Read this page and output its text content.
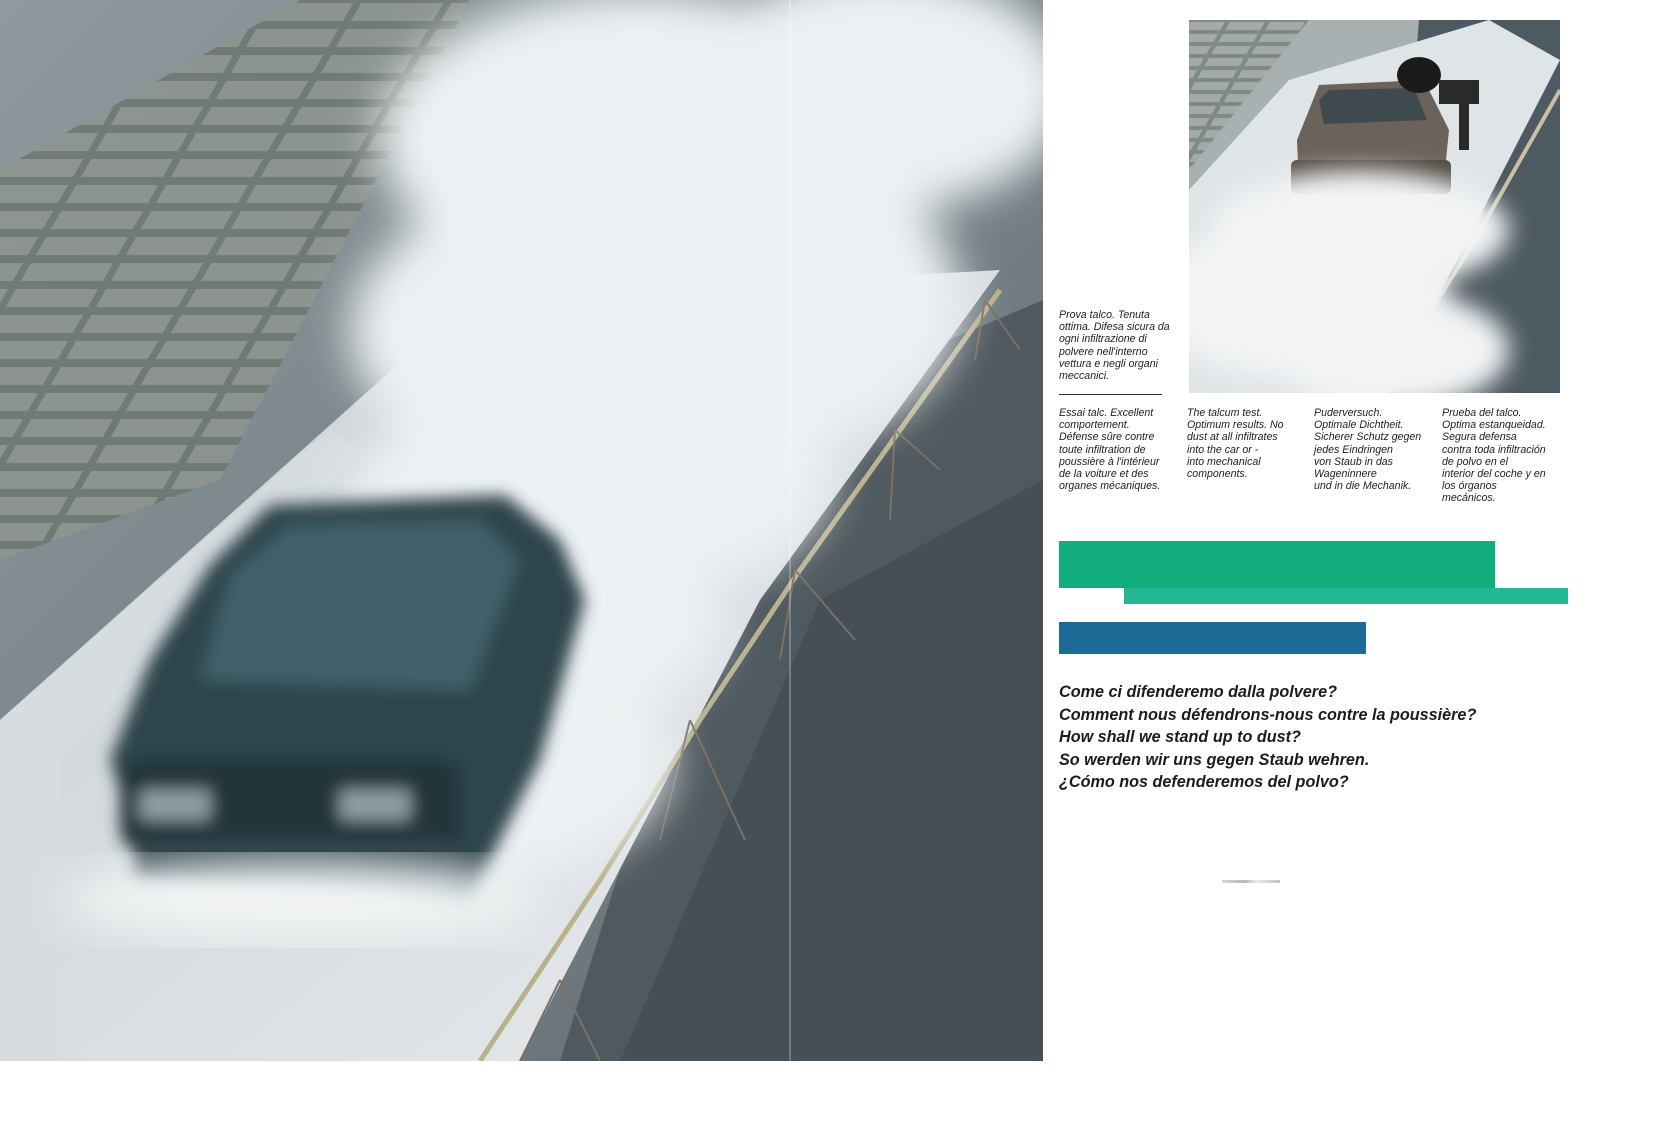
Prova talco. Tenuta
ottima. Difesa sicura da
ogni infiltrazione di
polvere nell'interno
vettura e negli organi
meccanici.
Essai talc. Excellent
comportement.
Défense sûre contre
toute infiltration de
poussière à l'intérieur
de la voiture et des
organes mécaniques.
The talcum test.
Optimum results. No
dust at all infiltrates
into the car or -
into mechanical
components.
Puderversuch.
Optimale Dichtheit.
Sicherer Schutz gegen
jedes Eindringen
von Staub in das
Wageninnere
und in die Mechanik.
Prueba del talco.
Optima estanqueidad.
Segura defensa
contra toda infiltración
de polvo en el
interior del coche y en
los órganos
mecánicos.
Come ci difenderemo dalla polvere?
Comment nous défendrons-nous contre la poussière?
How shall we stand up to dust?
So werden wir uns gegen Staub wehren.
¿Cómo nos defenderemos del polvo?
